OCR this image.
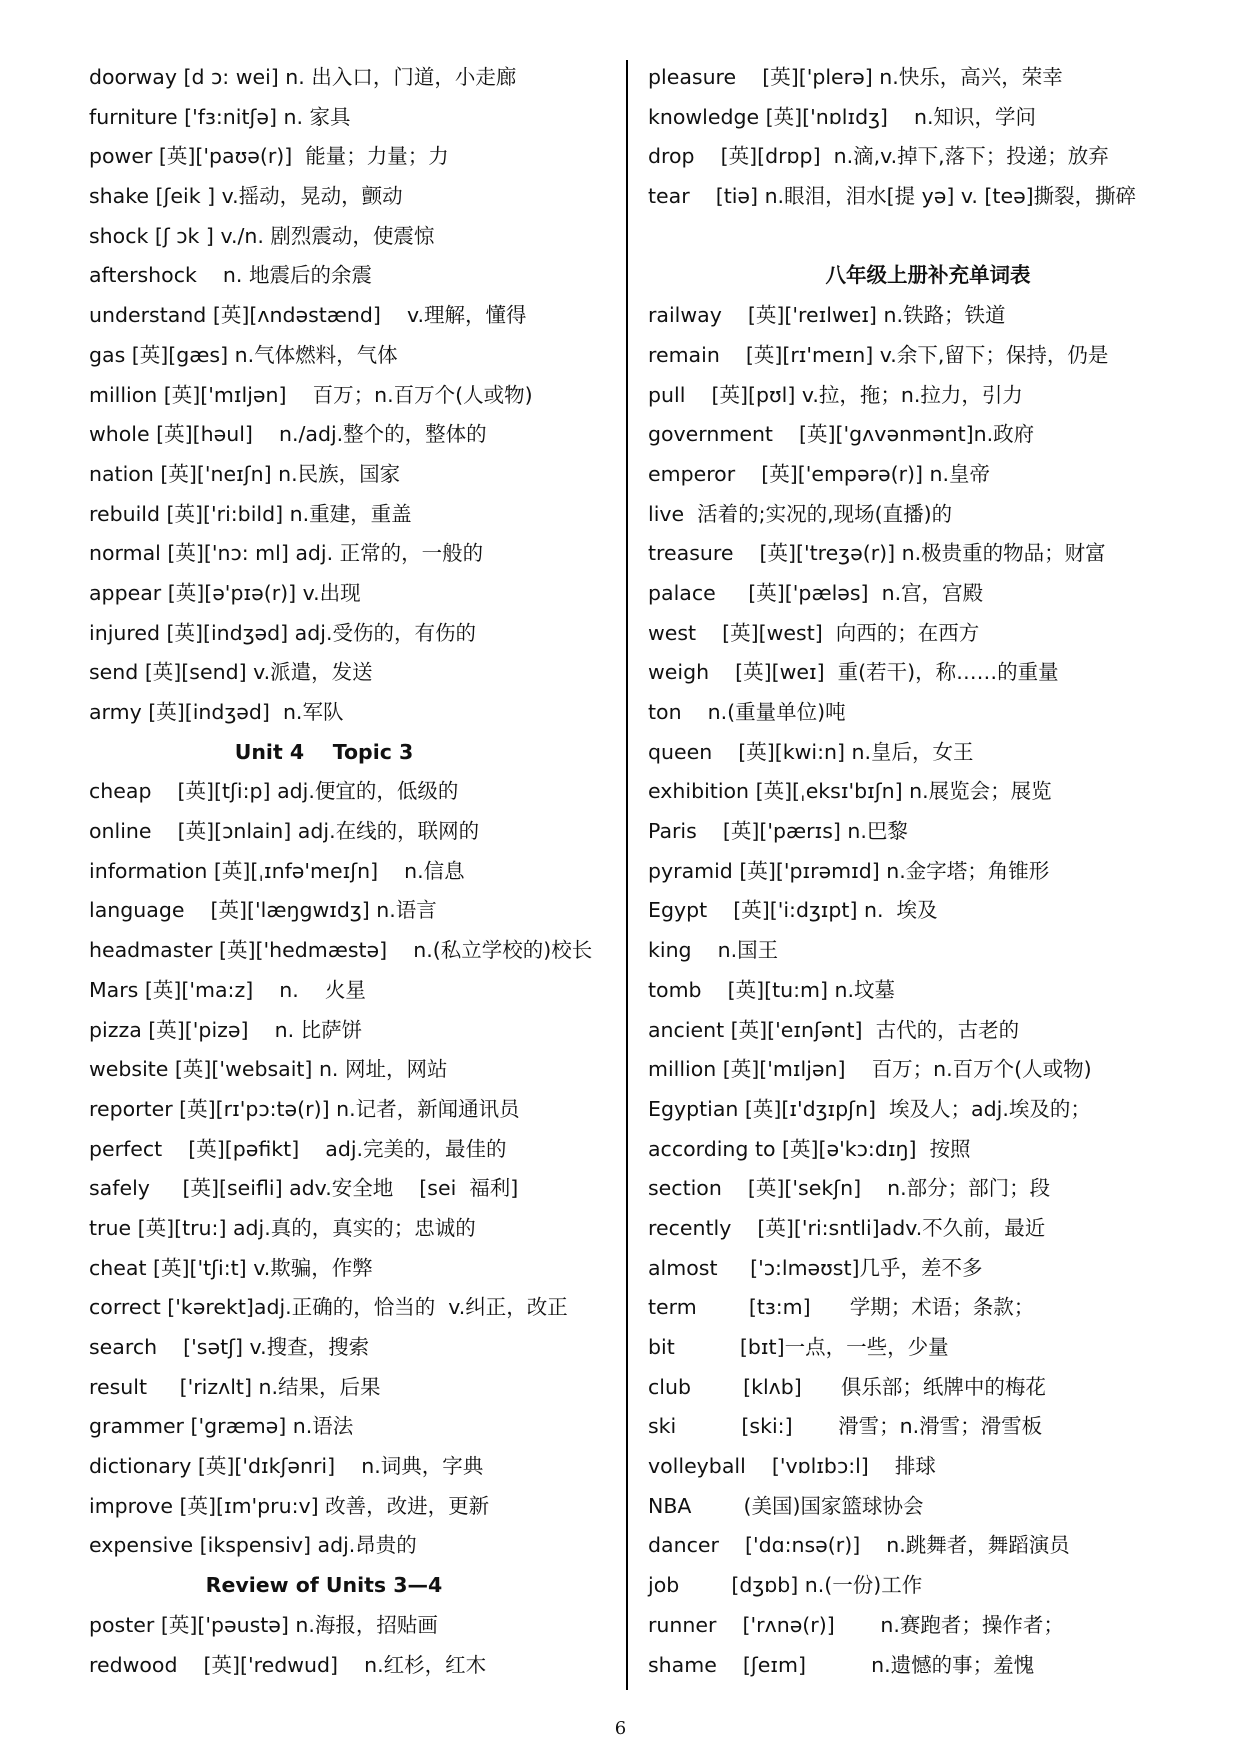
doorway [d ɔ: wei] n. 出入口，门道，小走廊
furniture ['fɜ:nitʃə] n. 家具
power [英]['paʊə(r)]  能量；力量；力
shake [ʃeik ] v.摇动，晃动，颤动
shock [ʃ ɔk ] v./n. 剧烈震动，使震惊
aftershock    n. 地震后的余震
understand [英][ʌndəstænd]    v.理解，懂得
gas [英][gæs] n.气体燃料，气体
million [英]['mɪljən]    百万；n.百万个(人或物)
whole [英][həul]    n./adj.整个的，整体的
nation [英]['neɪʃn] n.民族，国家
rebuild [英]['ri:bild] n.重建，重盖
normal [英]['nɔ: ml] adj. 正常的，一般的
appear [英][ə'pɪə(r)] v.出现
injured [英][indʒəd] adj.受伤的，有伤的
send [英][send] v.派遣，发送
army [英][indʒəd]  n.军队
Unit 4    Topic 3
cheap    [英][tʃi:p] adj.便宜的，低级的
online    [英][ɔnlain] adj.在线的，联网的
information [英][ˌɪnfə'meɪʃn]    n.信息
language    [英]['læŋgwɪdʒ] n.语言
headmaster [英]['hedmæstə]    n.(私立学校的)校长
Mars [英]['ma:z]    n.    火星
pizza [英]['pizə]    n. 比萨饼
website [英]['websait] n. 网址，网站
reporter [英][rɪ'pɔ:tə(r)] n.记者，新闻通讯员
perfect    [英][pəfikt]    adj.完美的，最佳的
safely     [英][seifli] adv.安全地    [sei  福利]
true [英][tru:] adj.真的，真实的；忠诚的
cheat [英]['tʃi:t] v.欺骗，作弊
correct ['kərekt]adj.正确的，恰当的  v.纠正，改正
search    ['sətʃ] v.搜查，搜索
result     ['rizʌlt] n.结果，后果
grammer ['græmə] n.语法
dictionary [英]['dɪkʃənri]    n.词典，字典
improve [英][ɪm'pru:v] 改善，改进，更新
expensive [ikspensiv] adj.昂贵的
Review of Units 3—4
poster [英]['pəustə] n.海报，招贴画
redwood    [英]['redwud]    n.红杉，红木
pleasure    [英]['plerə] n.快乐，高兴，荣幸
knowledge [英]['nɒlɪdʒ]    n.知识，学问
drop    [英][drɒp]  n.滴,v.掉下,落下；投递；放弃
tear    [tiə] n.眼泪，泪水[提 yə] v. [teə]撕裂，撕碎
八年级上册补充单词表
railway    [英]['reɪlweɪ] n.铁路；铁道
remain    [英][rɪ'meɪn] v.余下,留下；保持，仍是
pull    [英][pʊl] v.拉，拖；n.拉力，引力
government    [英]['gʌvənmənt]n.政府
emperor    [英]['empərə(r)] n.皇帝
live  活着的;实况的,现场(直播)的
treasure    [英]['treʒə(r)] n.极贵重的物品；财富
palace     [英]['pæləs]  n.宫，宫殿
west    [英][west]  向西的；在西方
weigh    [英][weɪ]  重(若干)，称……的重量
ton    n.(重量单位)吨
queen    [英][kwi:n] n.皇后，女王
exhibition [英][ˌeksɪ'bɪʃn] n.展览会；展览
Paris    [英]['pærɪs] n.巴黎
pyramid [英]['pɪrəmɪd] n.金字塔；角锥形
Egypt    [英]['i:dʒɪpt] n.  埃及
king    n.国王
tomb    [英][tu:m] n.坟墓
ancient [英]['eɪnʃənt]  古代的，古老的
million [英]['mɪljən]    百万；n.百万个(人或物)
Egyptian [英][ɪ'dʒɪpʃn]  埃及人；adj.埃及的；
according to [英][ə'kɔ:dɪŋ]  按照
section    [英]['sekʃn]    n.部分；部门；段
recently    [英]['ri:sntli]adv.不久前，最近
almost     ['ɔ:lməʊst]几乎，差不多
term        [tɜ:m]      学期；术语；条款；
bit          [bɪt]一点，一些，少量
club        [klʌb]      俱乐部；纸牌中的梅花
ski          [ski:]       滑雪；n.滑雪；滑雪板
volleyball    ['vɒlɪbɔ:l]    排球
NBA        (美国)国家篮球协会
dancer    ['dɑ:nsə(r)]    n.跳舞者，舞蹈演员
job        [dʒɒb] n.(一份)工作
runner    ['rʌnə(r)]       n.赛跑者；操作者；
shame    [ʃeɪm]          n.遗憾的事；羞愧
6
